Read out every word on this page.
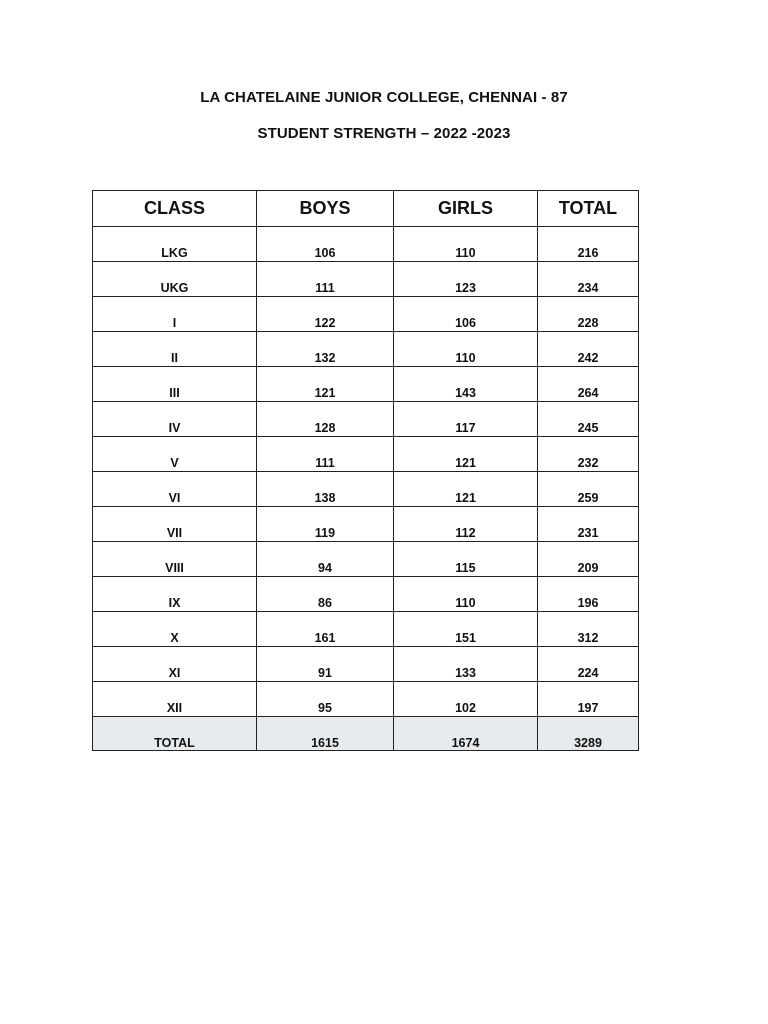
LA CHATELAINE JUNIOR COLLEGE, CHENNAI - 87
STUDENT STRENGTH – 2022 -2023
CLASS	BOYS	GIRLS	TOTAL
LKG	106	110	216
UKG	111	123	234
I	122	106	228
II	132	110	242
III	121	143	264
IV	128	117	245
V	111	121	232
VI	138	121	259
VII	119	112	231
VIII	94	115	209
IX	86	110	196
X	161	151	312
XI	91	133	224
XII	95	102	197
TOTAL	1615	1674	3289
